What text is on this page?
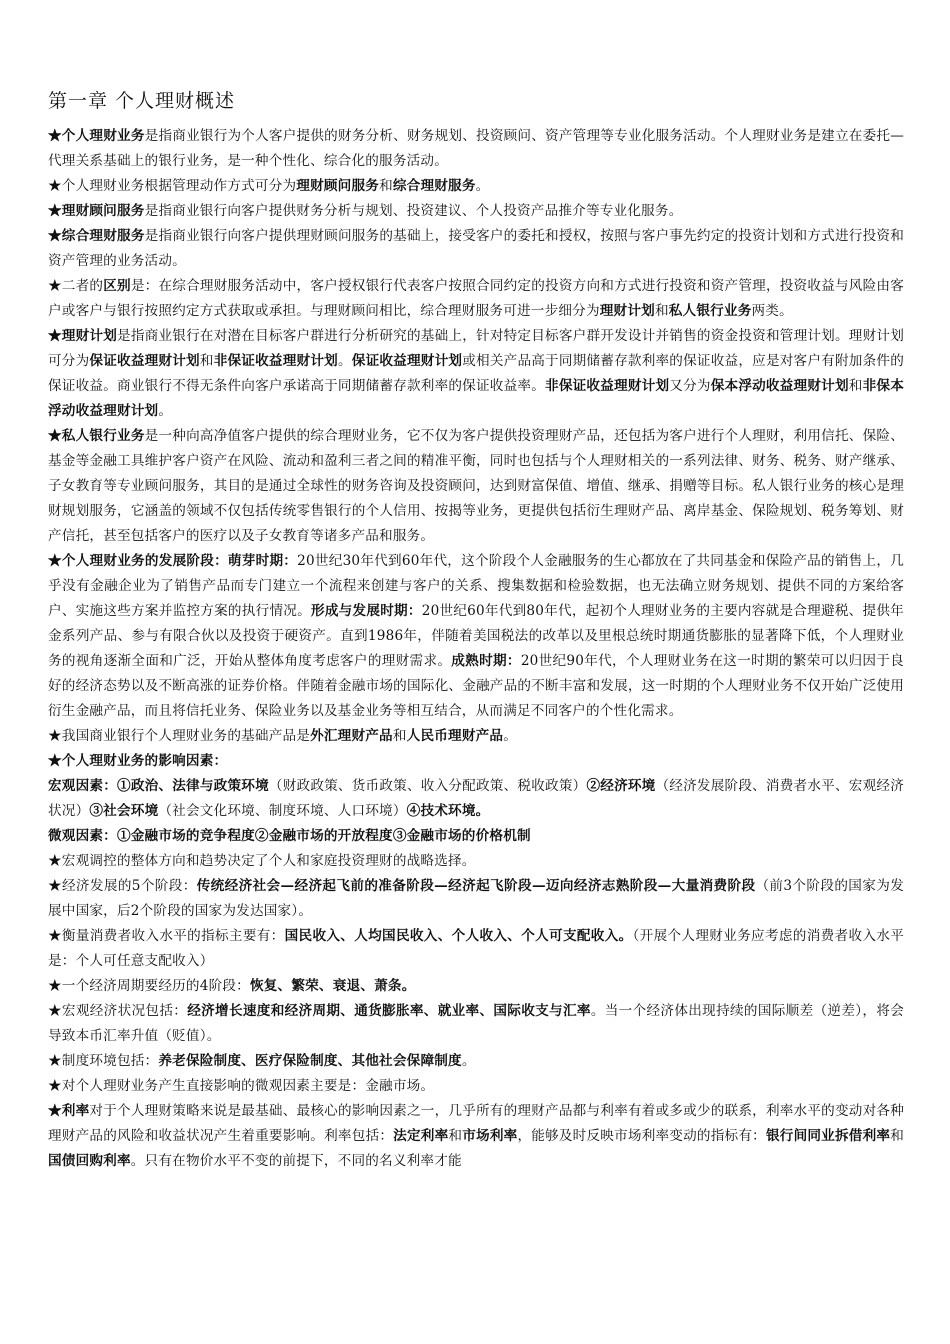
第一章 个人理财概述

★个人理财业务是指商业银行为个人客户提供的财务分析、财务规划、投资顾问、资产管理等专业化服务活动。个人理财业务是建立在委托—代理关系基础上的银行业务，是一种个性化、综合化的服务活动。

★个人理财业务根据管理动作方式可分为理财顾问服务和综合理财服务。

★理财顾问服务是指商业银行向客户提供财务分析与规划、投资建议、个人投资产品推介等专业化服务。

★综合理财服务是指商业银行向客户提供理财顾问服务的基础上，接受客户的委托和授权，按照与客户事先约定的投资计划和方式进行投资和资产管理的业务活动。

★二者的区别是：在综合理财服务活动中，客户授权银行代表客户按照合同约定的投资方向和方式进行投资和资产管理，投资收益与风险由客户或客户与银行按照约定方式获取或承担。与理财顾问相比，综合理财服务可进一步细分为理财计划和私人银行业务两类。

★理财计划是指商业银行在对潜在目标客户群进行分析研究的基础上，针对特定目标客户群开发设计并销售的资金投资和管理计划。理财计划可分为保证收益理财计划和非保证收益理财计划。保证收益理财计划或相关产品高于同期储蓄存款利率的保证收益，应是对客户有附加条件的保证收益。商业银行不得无条件向客户承诺高于同期储蓄存款利率的保证收益率。非保证收益理财计划又分为保本浮动收益理财计划和非保本浮动收益理财计划。

★私人银行业务是一种向高净值客户提供的综合理财业务，它不仅为客户提供投资理财产品，还包括为客户进行个人理财，利用信托、保险、基金等金融工具维护客户资产在风险、流动和盈利三者之间的精准平衡，同时也包括与个人理财相关的一系列法律、财务、税务、财产继承、子女教育等专业顾问服务，其目的是通过全球性的财务咨询及投资顾问，达到财富保值、增值、继承、捐赠等目标。私人银行业务的核心是理财规划服务，它涵盖的领域不仅包括传统零售银行的个人信用、按揭等业务，更提供包括衍生理财产品、离岸基金、保险规划、税务筹划、财产信托，甚至包括客户的医疗以及子女教育等诸多产品和服务。

★个人理财业务的发展阶段：萌芽时期：20世纪30年代到60年代，这个阶段个人金融服务的生心都放在了共同基金和保险产品的销售上，几乎没有金融企业为了销售产品而专门建立一个流程来创建与客户的关系、搜集数据和检验数据，也无法确立财务规划、提供不同的方案给客户、实施这些方案并监控方案的执行情况。形成与发展时期：20世纪60年代到80年代，起初个人理财业务的主要内容就是合理避税、提供年金系列产品、参与有限合伙以及投资于硬资产。直到1986年，伴随着美国税法的改革以及里根总统时期通货膨胀的显著降下低，个人理财业务的视角逐渐全面和广泛，开始从整体角度考虑客户的理财需求。成熟时期：20世纪90年代，个人理财业务在这一时期的繁荣可以归因于良好的经济态势以及不断高涨的证券价格。伴随着金融市场的国际化、金融产品的不断丰富和发展，这一时期的个人理财业务不仅开始广泛使用衍生金融产品，而且将信托业务、保险业务以及基金业务等相互结合，从而满足不同客户的个性化需求。

★我国商业银行个人理财业务的基础产品是外汇理财产品和人民币理财产品。

★个人理财业务的影响因素：

宏观因素：①政治、法律与政策环境（财政政策、货币政策、收入分配政策、税收政策）②经济环境（经济发展阶段、消费者水平、宏观经济状况）③社会环境（社会文化环境、制度环境、人口环境）④技术环境。

微观因素：①金融市场的竞争程度②金融市场的开放程度③金融市场的价格机制

★宏观调控的整体方向和趋势决定了个人和家庭投资理财的战略选择。

★经济发展的5个阶段：传统经济社会—经济起飞前的准备阶段—经济起飞阶段—迈向经济志熟阶段—大量消费阶段（前3个阶段的国家为发展中国家，后2个阶段的国家为发达国家）。

★衡量消费者收入水平的指标主要有：国民收入、人均国民收入、个人收入、个人可支配收入。（开展个人理财业务应考虑的消费者收入水平是：个人可任意支配收入）

★一个经济周期要经历的4阶段：恢复、繁荣、衰退、萧条。

★宏观经济状况包括：经济增长速度和经济周期、通货膨胀率、就业率、国际收支与汇率。当一个经济体出现持续的国际顺差（逆差），将会导致本币汇率升值（贬值）。

★制度环境包括：养老保险制度、医疗保险制度、其他社会保障制度。

★对个人理财业务产生直接影响的微观因素主要是：金融市场。

★利率对于个人理财策略来说是最基础、最核心的影响因素之一，几乎所有的理财产品都与利率有着或多或少的联系，利率水平的变动对各种理财产品的风险和收益状况产生着重要影响。利率包括：法定利率和市场利率，能够及时反映市场利率变动的指标有：银行间同业拆借利率和国债回购利率。只有在物价水平不变的前提下，不同的名义利率才能
